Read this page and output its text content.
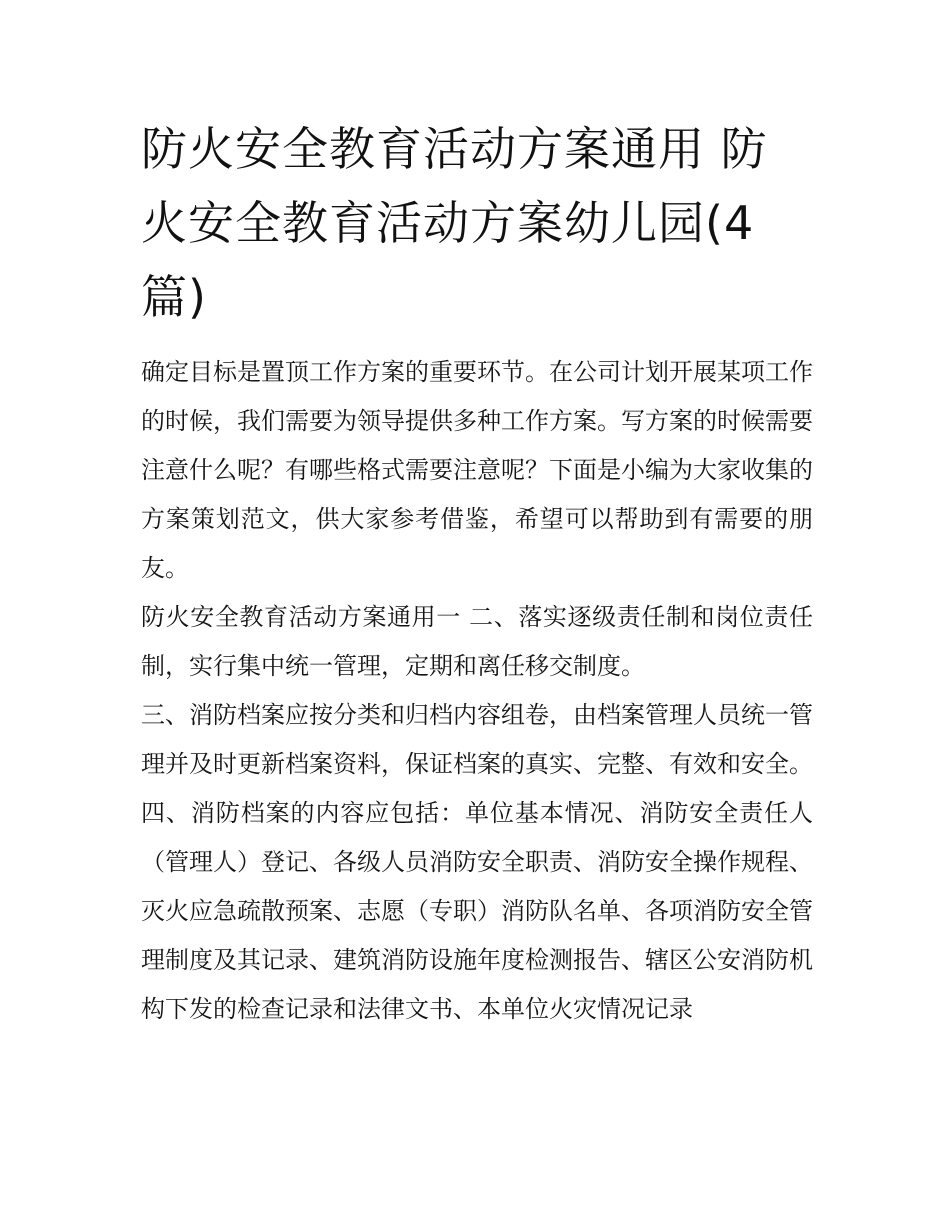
防火安全教育活动方案通用 防火安全教育活动方案幼儿园(4篇)

确定目标是置顶工作方案的重要环节。在公司计划开展某项工作的时候，我们需要为领导提供多种工作方案。写方案的时候需要注意什么呢？有哪些格式需要注意呢？下面是小编为大家收集的方案策划范文，供大家参考借鉴，希望可以帮助到有需要的朋友。

防火安全教育活动方案通用一 二、落实逐级责任制和岗位责任制，实行集中统一管理，定期和离任移交制度。

三、消防档案应按分类和归档内容组卷，由档案管理人员统一管理并及时更新档案资料，保证档案的真实、完整、有效和安全。

四、消防档案的内容应包括：单位基本情况、消防安全责任人（管理人）登记、各级人员消防安全职责、消防安全操作规程、灭火应急疏散预案、志愿（专职）消防队名单、各项消防安全管理制度及其记录、建筑消防设施年度检测报告、辖区公安消防机构下发的检查记录和法律文书、本单位火灾情况记录
